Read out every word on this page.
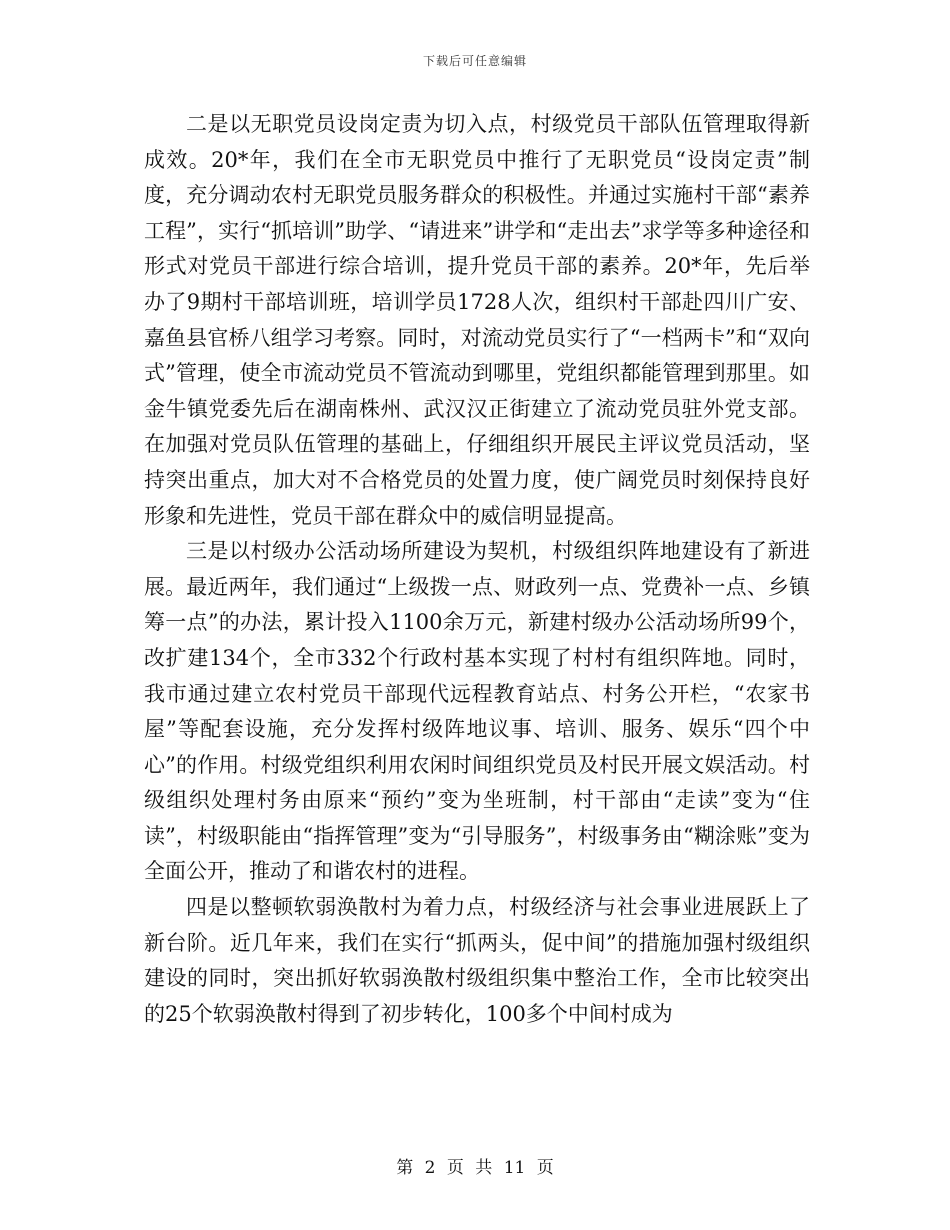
下载后可任意编辑

二是以无职党员设岗定责为切入点，村级党员干部队伍管理取得新成效。20*年，我们在全市无职党员中推行了无职党员“设岗定责”制度，充分调动农村无职党员服务群众的积极性。并通过实施村干部“素养工程”，实行“抓培训”助学、“请进来”讲学和“走出去”求学等多种途径和形式对党员干部进行综合培训，提升党员干部的素养。20*年，先后举办了9期村干部培训班，培训学员1728人次，组织村干部赴四川广安、嘉鱼县官桥八组学习考察。同时，对流动党员实行了“一档两卡”和“双向式”管理，使全市流动党员不管流动到哪里，党组织都能管理到那里。如金牛镇党委先后在湖南株州、武汉汉正街建立了流动党员驻外党支部。在加强对党员队伍管理的基础上，仔细组织开展民主评议党员活动，坚持突出重点，加大对不合格党员的处置力度，使广阔党员时刻保持良好形象和先进性，党员干部在群众中的威信明显提高。

三是以村级办公活动场所建设为契机，村级组织阵地建设有了新进展。最近两年，我们通过“上级拨一点、财政列一点、党费补一点、乡镇筹一点”的办法，累计投入1100余万元，新建村级办公活动场所99个，改扩建134个，全市332个行政村基本实现了村村有组织阵地。同时，我市通过建立农村党员干部现代远程教育站点、村务公开栏，“农家书屋”等配套设施，充分发挥村级阵地议事、培训、服务、娱乐“四个中心”的作用。村级党组织利用农闲时间组织党员及村民开展文娱活动。村级组织处理村务由原来“预约”变为坐班制，村干部由“走读”变为“住读”，村级职能由“指挥管理”变为“引导服务”，村级事务由“糊涂账”变为全面公开，推动了和谐农村的进程。

四是以整顿软弱涣散村为着力点，村级经济与社会事业进展跃上了新台阶。近几年来，我们在实行“抓两头，促中间”的措施加强村级组织建设的同时，突出抓好软弱涣散村级组织集中整治工作，全市比较突出的25个软弱涣散村得到了初步转化，100多个中间村成为

第 2 页 共 11 页
